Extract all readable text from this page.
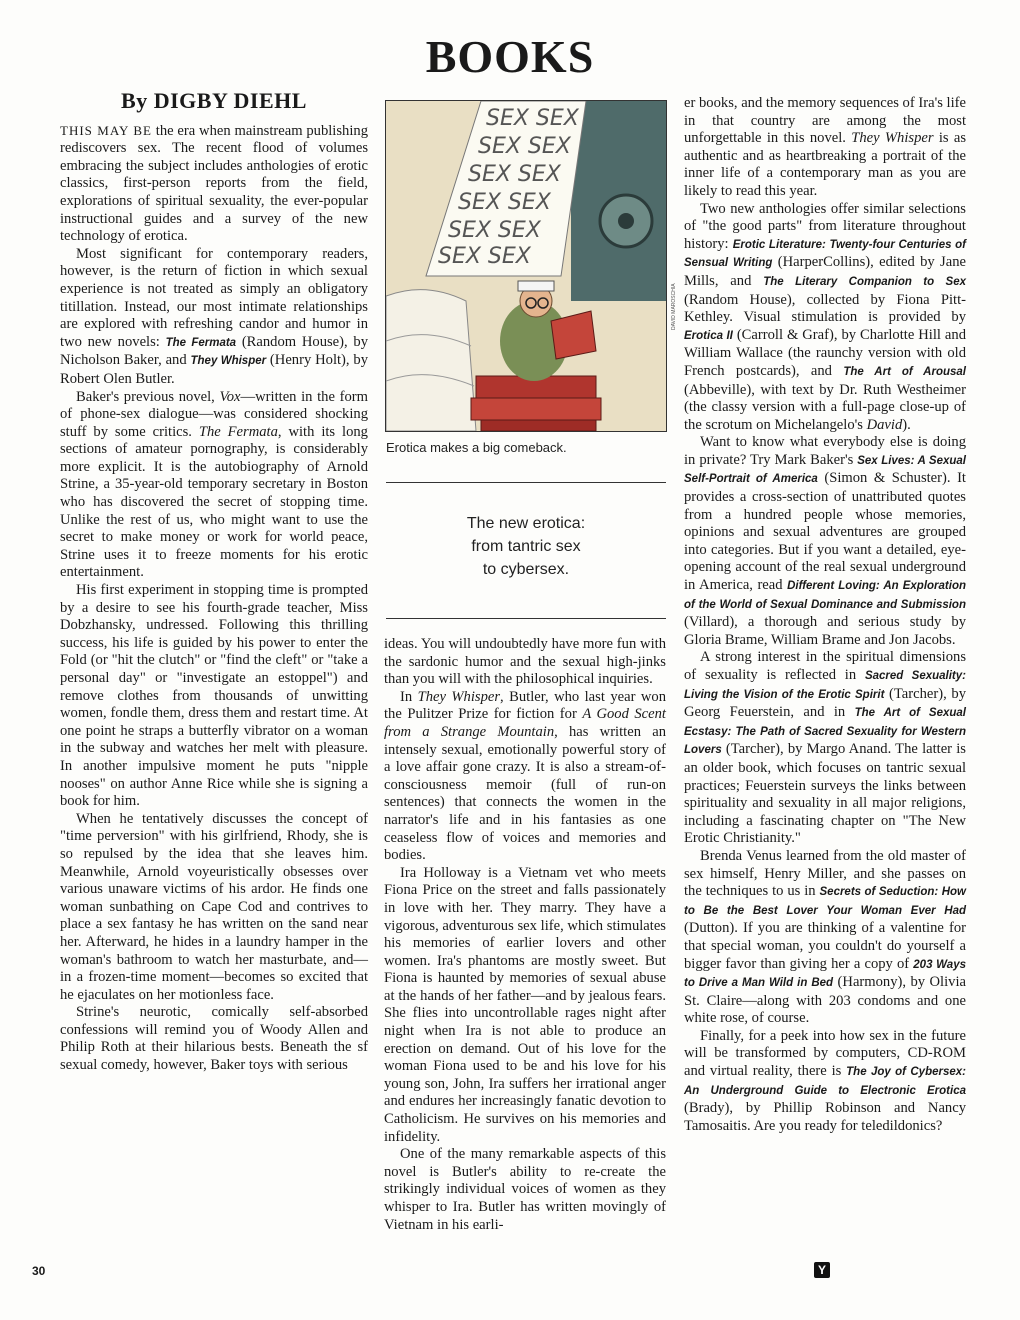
BOOKS
By DIGBY DIEHL

THIS MAY BE the era when mainstream publishing rediscovers sex. The recent flood of volumes embracing the subject includes anthologies of erotic classics, first-person reports from the field, explorations of spiritual sexuality, the ever-popular instructional guides and a survey of the new technology of erotica.

Most significant for contemporary readers, however, is the return of fiction in which sexual experience is not treated as simply an obligatory titillation. Instead, our most intimate relationships are explored with refreshing candor and humor in two new novels: The Fermata (Random House), by Nicholson Baker, and They Whisper (Henry Holt), by Robert Olen Butler.

Baker's previous novel, Vox—written in the form of phone-sex dialogue—was considered shocking stuff by some critics. The Fermata, with its long sections of amateur pornography, is considerably more explicit. It is the autobiography of Arnold Strine, a 35-year-old temporary secretary in Boston who has discovered the secret of stopping time. Unlike the rest of us, who might want to use the secret to make money or work for world peace, Strine uses it to freeze moments for his erotic entertainment.

His first experiment in stopping time is prompted by a desire to see his fourth-grade teacher, Miss Dobzhansky, undressed. Following this thrilling success, his life is guided by his power to enter the Fold (or "hit the clutch" or "find the cleft" or "take a personal day" or "investigate an estoppel") and remove clothes from thousands of unwitting women, fondle them, dress them and restart time. At one point he straps a butterfly vibrator on a woman in the subway and watches her melt with pleasure. In another impulsive moment he puts "nipple nooses" on author Anne Rice while she is signing a book for him.

When he tentatively discusses the concept of "time perversion" with his girlfriend, Rhody, she is so repulsed by the idea that she leaves him. Meanwhile, Arnold voyeuristically obsesses over various unaware victims of his ardor. He finds one woman sunbathing on Cape Cod and contrives to place a sex fantasy he has written on the sand near her. Afterward, he hides in a laundry hamper in the woman's bathroom to watch her masturbate, and—in a frozen-time moment—becomes so excited that he ejaculates on her motionless face.

Strine's neurotic, comically self-absorbed confessions will remind you of Woody Allen and Philip Roth at their hilarious bests. Beneath the sf sexual comedy, however, Baker toys with serious

SEX SEX
SEX SEX
SEX SEX
SEX SEX
SEX SEX
SEX SEX
DAVID MAROSCHIA
Erotica makes a big comeback.
The new erotica:
from tantric sex
to cybersex.

ideas. You will undoubtedly have more fun with the sardonic humor and the sexual high-jinks than you will with the philosophical inquiries.

In They Whisper, Butler, who last year won the Pulitzer Prize for fiction for A Good Scent from a Strange Mountain, has written an intensely sexual, emotionally powerful story of a love affair gone crazy. It is also a stream-of-consciousness memoir (full of run-on sentences) that connects the women in the narrator's life and in his fantasies as one ceaseless flow of voices and memories and bodies.

Ira Holloway is a Vietnam vet who meets Fiona Price on the street and falls passionately in love with her. They marry. They have a vigorous, adventurous sex life, which stimulates his memories of earlier lovers and other women. Ira's phantoms are mostly sweet. But Fiona is haunted by memories of sexual abuse at the hands of her father—and by jealous fears. She flies into uncontrollable rages night after night when Ira is not able to produce an erection on demand. Out of his love for the woman Fiona used to be and his love for his young son, John, Ira suffers her irrational anger and endures her increasingly fanatic devotion to Catholicism. He survives on his memories and infidelity.

One of the many remarkable aspects of this novel is Butler's ability to re-create the strikingly individual voices of women as they whisper to Ira. Butler has written movingly of Vietnam in his earli-

er books, and the memory sequences of Ira's life in that country are among the most unforgettable in this novel. They Whisper is as authentic and as heartbreaking a portrait of the inner life of a contemporary man as you are likely to read this year.

Two new anthologies offer similar selections of "the good parts" from literature throughout history: Erotic Literature: Twenty-four Centuries of Sensual Writing (HarperCollins), edited by Jane Mills, and The Literary Companion to Sex (Random House), collected by Fiona Pitt-Kethley. Visual stimulation is provided by Erotica II (Carroll & Graf), by Charlotte Hill and William Wallace (the raunchy version with old French postcards), and The Art of Arousal (Abbeville), with text by Dr. Ruth Westheimer (the classy version with a full-page close-up of the scrotum on Michelangelo's David).

Want to know what everybody else is doing in private? Try Mark Baker's Sex Lives: A Sexual Self-Portrait of America (Simon & Schuster). It provides a cross-section of unattributed quotes from a hundred people whose memories, opinions and sexual adventures are grouped into categories. But if you want a detailed, eye-opening account of the real sexual underground in America, read Different Loving: An Exploration of the World of Sexual Dominance and Submission (Villard), a thorough and serious study by Gloria Brame, William Brame and Jon Jacobs.

A strong interest in the spiritual dimensions of sexuality is reflected in Sacred Sexuality: Living the Vision of the Erotic Spirit (Tarcher), by Georg Feuerstein, and in The Art of Sexual Ecstasy: The Path of Sacred Sexuality for Western Lovers (Tarcher), by Margo Anand. The latter is an older book, which focuses on tantric sexual practices; Feuerstein surveys the links between spirituality and sexuality in all major religions, including a fascinating chapter on "The New Erotic Christianity."

Brenda Venus learned from the old master of sex himself, Henry Miller, and she passes on the techniques to us in Secrets of Seduction: How to Be the Best Lover Your Woman Ever Had (Dutton). If you are thinking of a valentine for that special woman, you couldn't do yourself a bigger favor than giving her a copy of 203 Ways to Drive a Man Wild in Bed (Harmony), by Olivia St. Claire—along with 203 condoms and one white rose, of course.

Finally, for a peek into how sex in the future will be transformed by computers, CD-ROM and virtual reality, there is The Joy of Cybersex: An Underground Guide to Electronic Erotica (Brady), by Phillip Robinson and Nancy Tamosaitis. Are you ready for teledildonics?

30	Y
